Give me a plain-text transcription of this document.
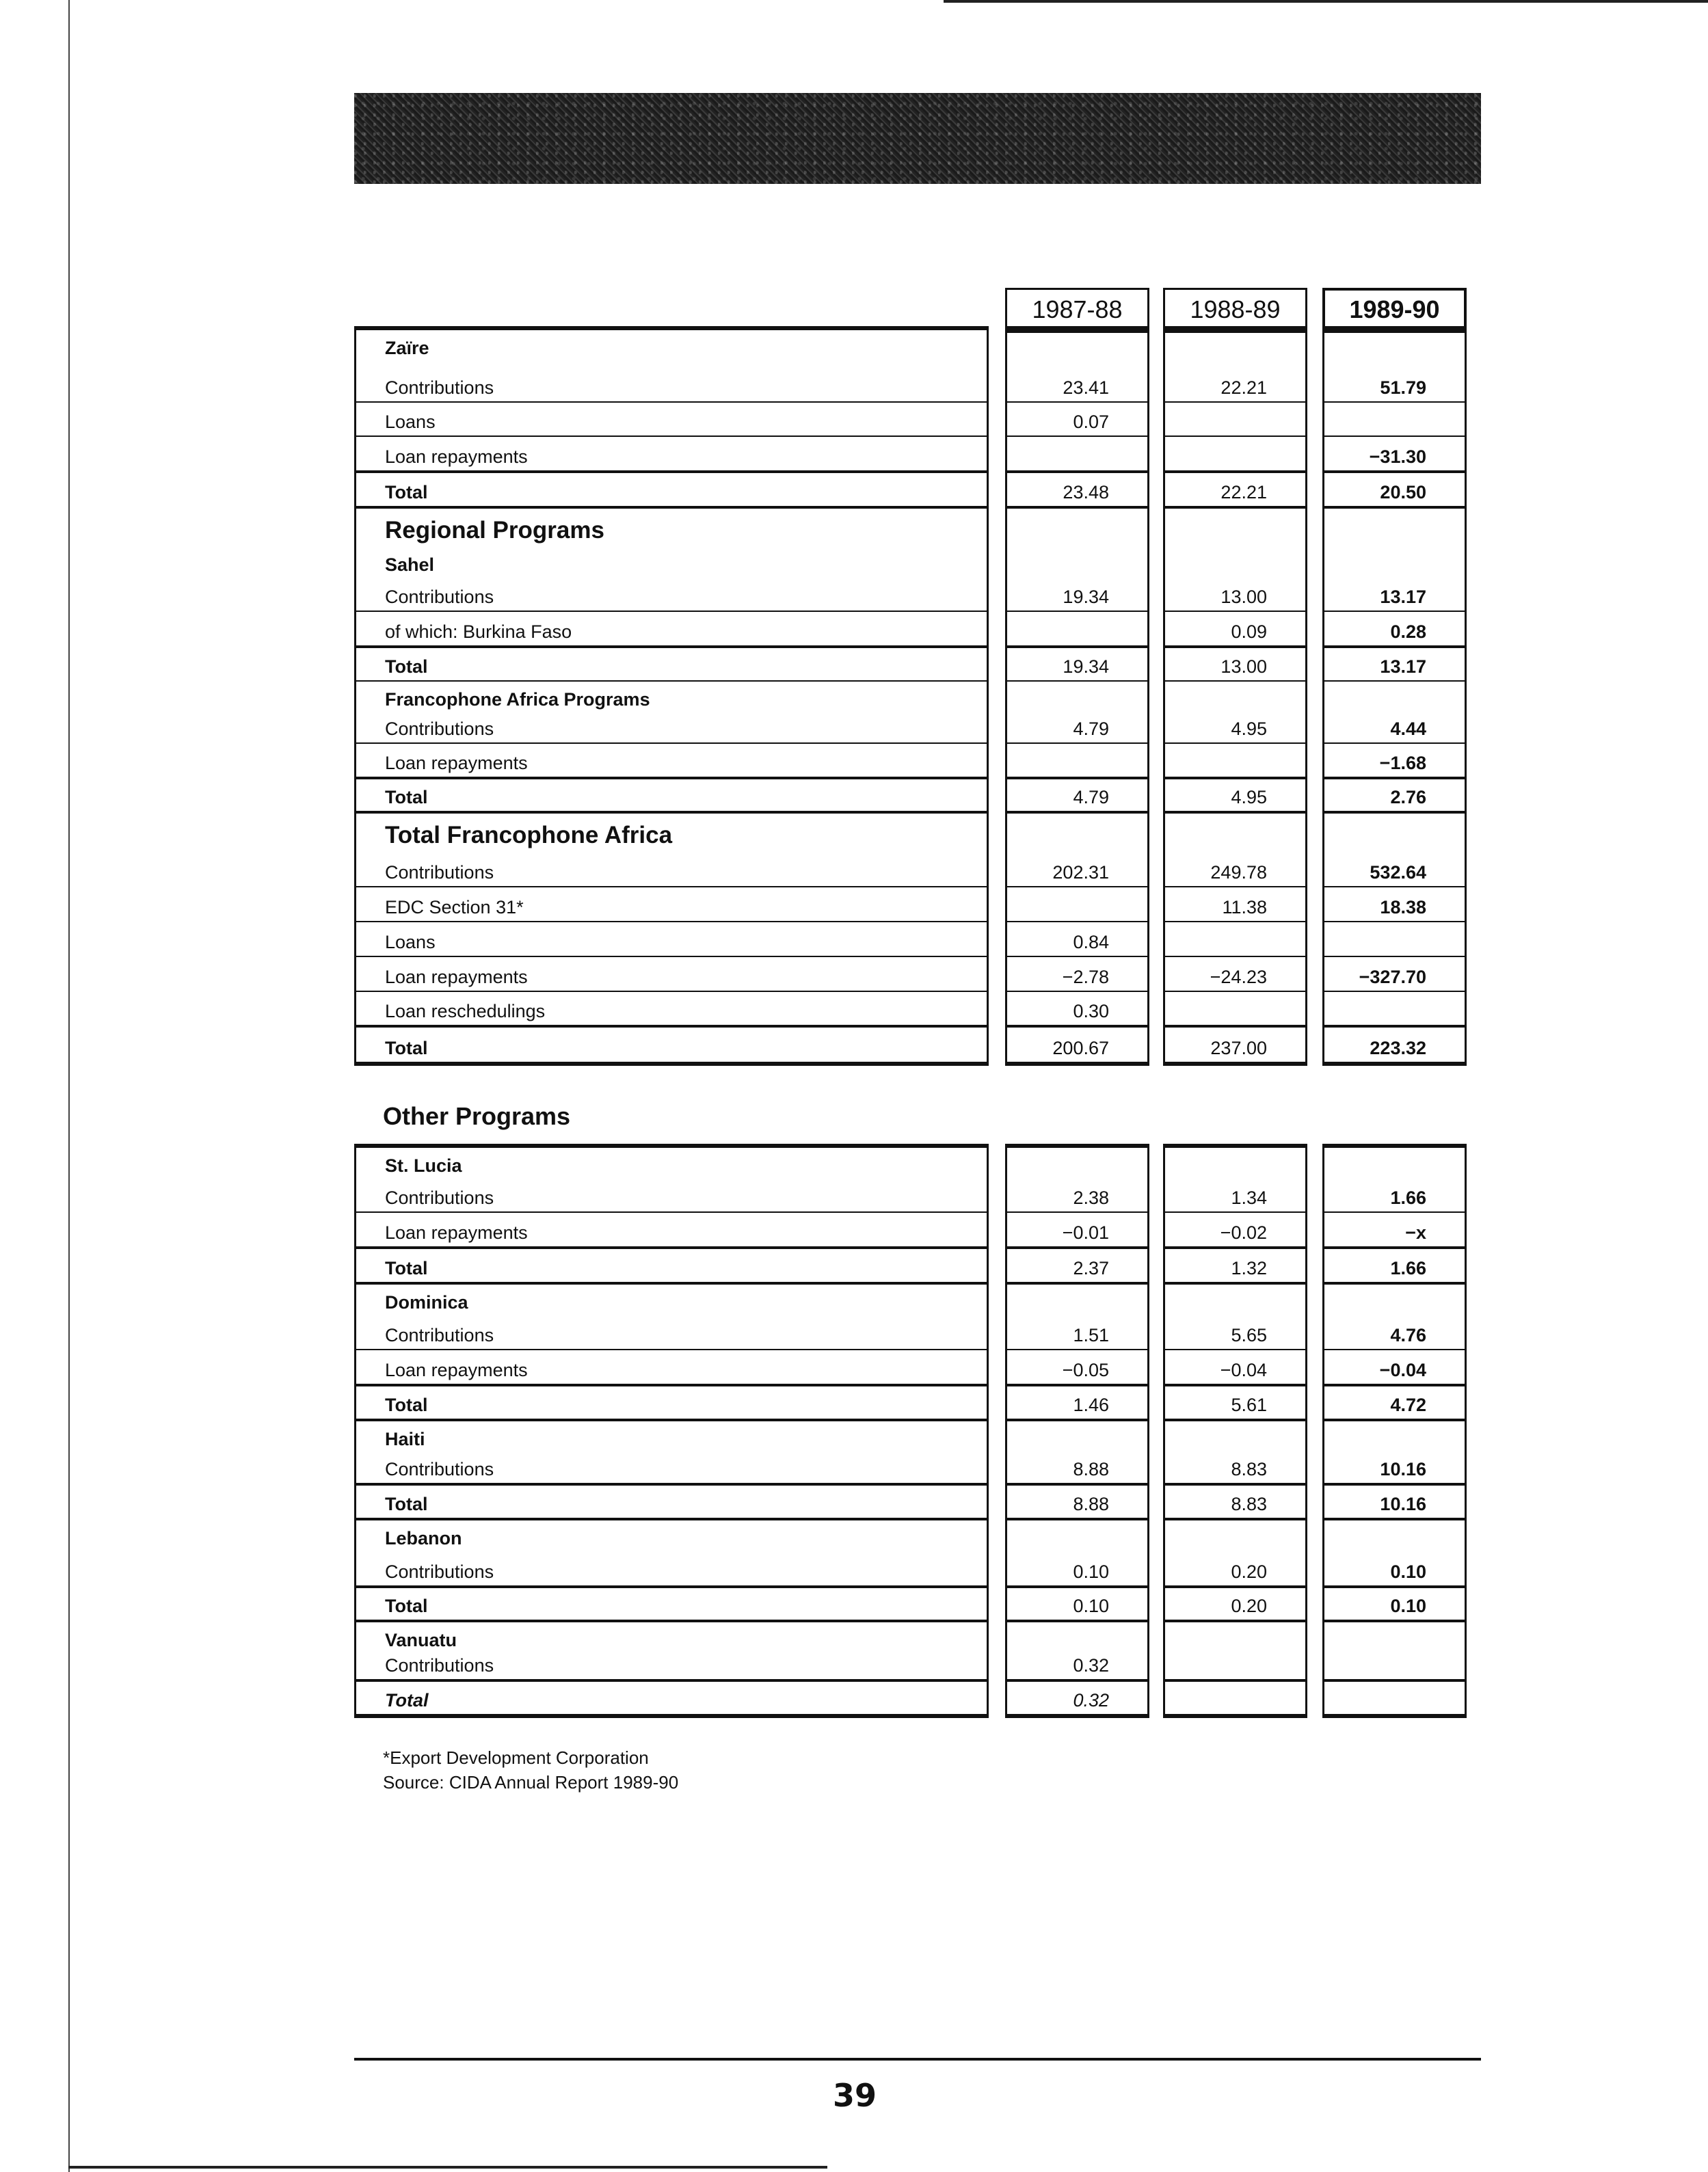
1987-88	1988-89	1989-90
Zaïre
Contributions
Loans
Loan repayments
Total
Regional Programs
Sahel
Contributions
of which: Burkina Faso
Total
Francophone Africa Programs
Contributions
Loan repayments
Total
Total Francophone Africa
Contributions
EDC Section 31*
Loans
Loan repayments
Loan reschedulings
Total
23.41
0.07
23.48
19.34
19.34
4.79
4.79
202.31
0.84
−2.78
0.30
200.67
22.21
22.21
13.00
0.09
13.00
4.95
4.95
249.78
11.38
−24.23
237.00
51.79
−31.30
20.50
13.17
0.28
13.17
4.44
−1.68
2.76
532.64
18.38
−327.70
223.32
Other Programs
St. Lucia
Contributions
Loan repayments
Total
Dominica
Contributions
Loan repayments
Total
Haiti
Contributions
Total
Lebanon
Contributions
Total
Vanuatu
Contributions
Total
2.38
−0.01
2.37
1.51
−0.05
1.46
8.88
8.88
0.10
0.10
0.32
0.32
1.34
−0.02
1.32
5.65
−0.04
5.61
8.83
8.83
0.20
0.20
1.66
−x
1.66
4.76
−0.04
4.72
10.16
10.16
0.10
0.10
*Export Development Corporation
Source: CIDA Annual Report 1989-90
39
